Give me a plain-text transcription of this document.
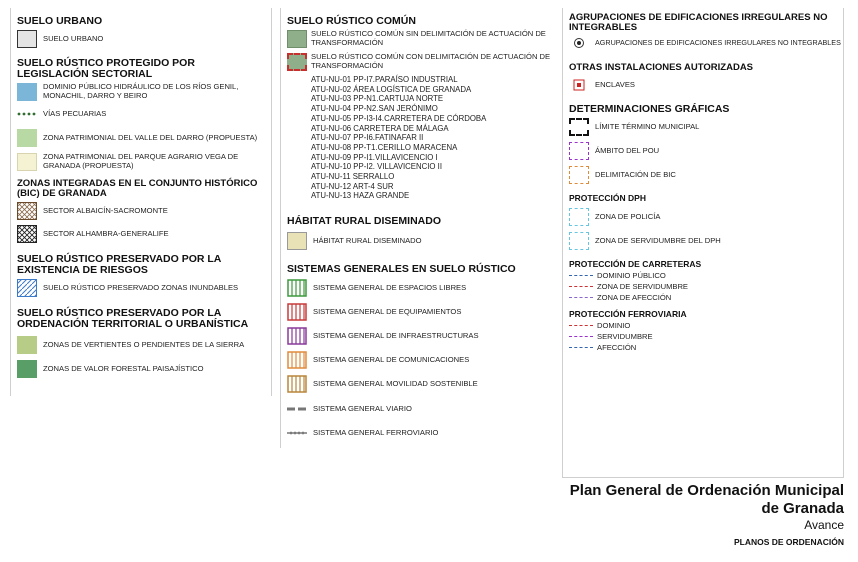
SUELO URBANO
SUELO URBANO
SUELO RÚSTICO PROTEGIDO POR LEGISLACIÓN SECTORIAL
DOMINIO PÚBLICO HIDRÁULICO DE LOS RÍOS GENIL, MONACHIL, DARRO Y BEIRO
VÍAS PECUARIAS
ZONA PATRIMONIAL DEL VALLE DEL DARRO (PROPUESTA)
ZONA PATRIMONIAL DEL PARQUE AGRARIO VEGA DE GRANADA (PROPUESTA)
ZONAS INTEGRADAS EN EL CONJUNTO HISTÓRICO (BIC) DE GRANADA
SECTOR ALBAICÍN-SACROMONTE
SECTOR ALHAMBRA-GENERALIFE
SUELO RÚSTICO PRESERVADO POR LA EXISTENCIA DE RIESGOS
SUELO RÚSTICO PRESERVADO ZONAS INUNDABLES
SUELO RÚSTICO PRESERVADO POR LA ORDENACIÓN TERRITORIAL O URBANÍSTICA
ZONAS DE VERTIENTES O PENDIENTES DE LA SIERRA
ZONAS DE VALOR FORESTAL PAISAJÍSTICO
SUELO RÚSTICO COMÚN
SUELO RÚSTICO COMÚN SIN DELIMITACIÓN DE ACTUACIÓN DE TRANSFORMACIÓN
SUELO RÚSTICO COMÚN CON DELIMITACIÓN DE ACTUACIÓN DE TRANSFORMACIÓN
ATU-NU-01 PP-I7.PARAÍSO INDUSTRIAL
ATU-NU-02 ÁREA LOGÍSTICA DE GRANADA
ATU-NU-03 PP-N1.CARTUJA NORTE
ATU-NU-04 PP-N2.SAN JERÓNIMO
ATU-NU-05 PP-I3-I4.CARRETERA DE CÓRDOBA
ATU-NU-06 CARRETERA DE MÁLAGA
ATU-NU-07 PP-I6.FATINAFAR II
ATU-NU-08 PP-T1.CERILLO MARACENA
ATU-NU-09 PP-I1.VILLAVICENCIO I
ATU-NU-10 PP-I2. VILLAVICENCIO II
ATU-NU-11 SERRALLO
ATU-NU-12 ART-4 SUR
ATU-NU-13 HAZA GRANDE
HÁBITAT RURAL DISEMINADO
HÁBITAT RURAL DISEMINADO
SISTEMAS GENERALES EN SUELO RÚSTICO
SISTEMA GENERAL DE ESPACIOS LIBRES
SISTEMA GENERAL DE EQUIPAMIENTOS
SISTEMA GENERAL DE INFRAESTRUCTURAS
SISTEMA GENERAL DE COMUNICACIONES
SISTEMA GENERAL MOVILIDAD SOSTENIBLE
SISTEMA GENERAL VIARIO
SISTEMA GENERAL FERROVIARIO
AGRUPACIONES DE EDIFICACIONES IRREGULARES NO INTEGRABLES
AGRUPACIONES DE EDIFICACIONES IRREGULARES NO INTEGRABLES
OTRAS INSTALACIONES AUTORIZADAS
ENCLAVES
DETERMINACIONES GRÁFICAS
LÍMITE TÉRMINO MUNICIPAL
ÁMBITO DEL POU
DELIMITACIÓN DE BIC
PROTECCIÓN DPH
ZONA DE POLICÍA
ZONA DE SERVIDUMBRE DEL DPH
PROTECCIÓN DE CARRETERAS
DOMINIO PÚBLICO
ZONA DE SERVIDUMBRE
ZONA DE AFECCIÓN
PROTECCIÓN FERROVIARIA
DOMINIO
SERVIDUMBRE
AFECCIÓN
Plan General de Ordenación Municipal
de Granada
Avance
PLANOS DE ORDENACIÓN
